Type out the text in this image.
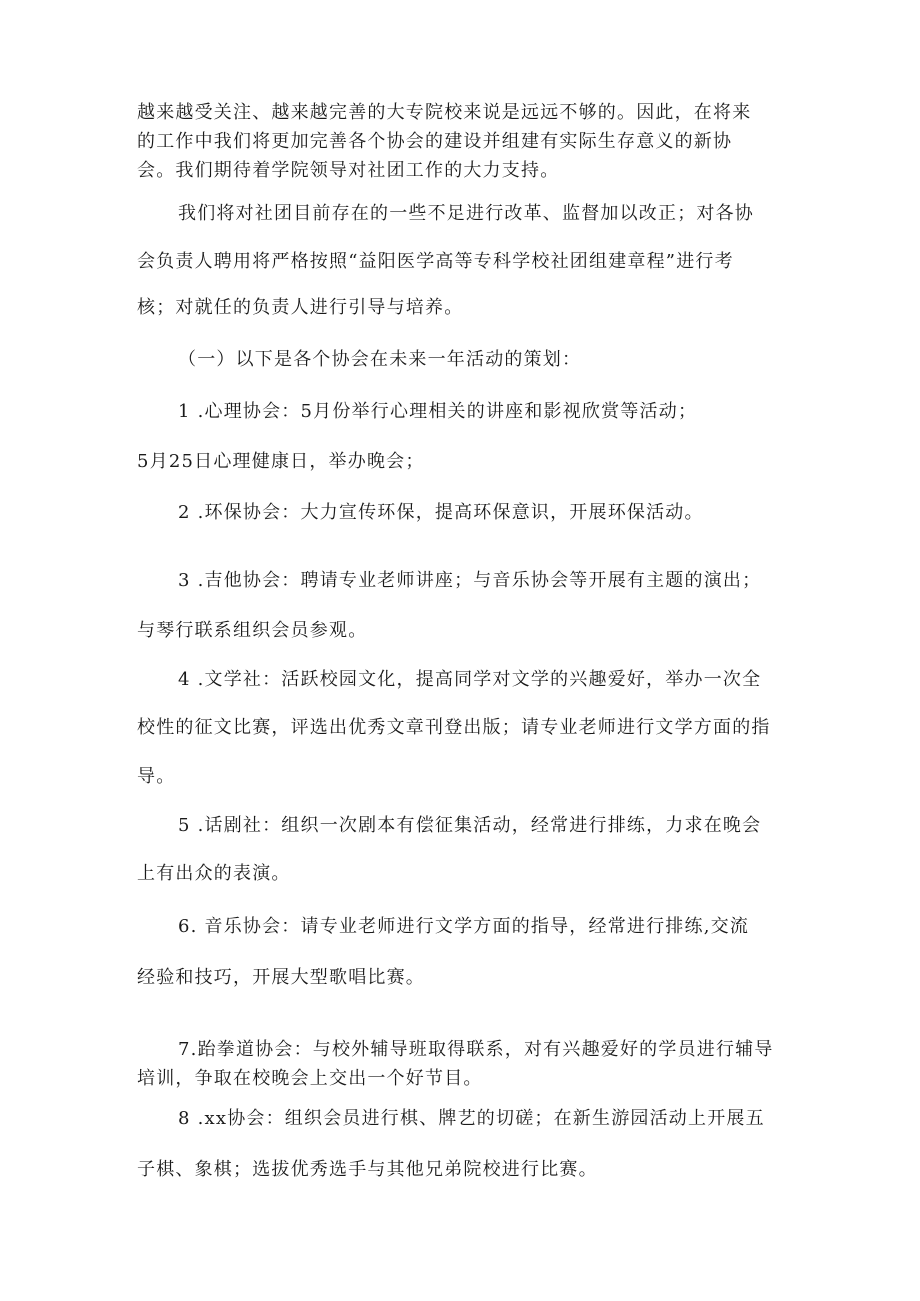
越来越受关注、越来越完善的大专院校来说是远远不够的。因此，在将来
的工作中我们将更加完善各个协会的建设并组建有实际生存意义的新协
会。我们期待着学院领导对社团工作的大力支持。
我们将对社团目前存在的一些不足进行改革、监督加以改正；对各协
会负责人聘用将严格按照“益阳医学高等专科学校社团组建章程”进行考
核；对就任的负责人进行引导与培养。
（一）以下是各个协会在未来一年活动的策划：
1 .心理协会：5月份举行心理相关的讲座和影视欣赏等活动；
5月25日心理健康日，举办晚会；
2 .环保协会：大力宣传环保，提高环保意识，开展环保活动。
3 .吉他协会：聘请专业老师讲座；与音乐协会等开展有主题的演出；
与琴行联系组织会员参观。
4 .文学社：活跃校园文化，提高同学对文学的兴趣爱好，举办一次全
校性的征文比赛，评选出优秀文章刊登出版；请专业老师进行文学方面的指
导。
5 .话剧社：组织一次剧本有偿征集活动，经常进行排练，力求在晚会
上有出众的表演。
6. 音乐协会：请专业老师进行文学方面的指导，经常进行排练,交流
经验和技巧，开展大型歌唱比赛。
7.跆拳道协会：与校外辅导班取得联系，对有兴趣爱好的学员进行辅导
培训，争取在校晚会上交出一个好节目。
8 .xx协会：组织会员进行棋、牌艺的切磋；在新生游园活动上开展五
子棋、象棋；选拔优秀选手与其他兄弟院校进行比赛。
